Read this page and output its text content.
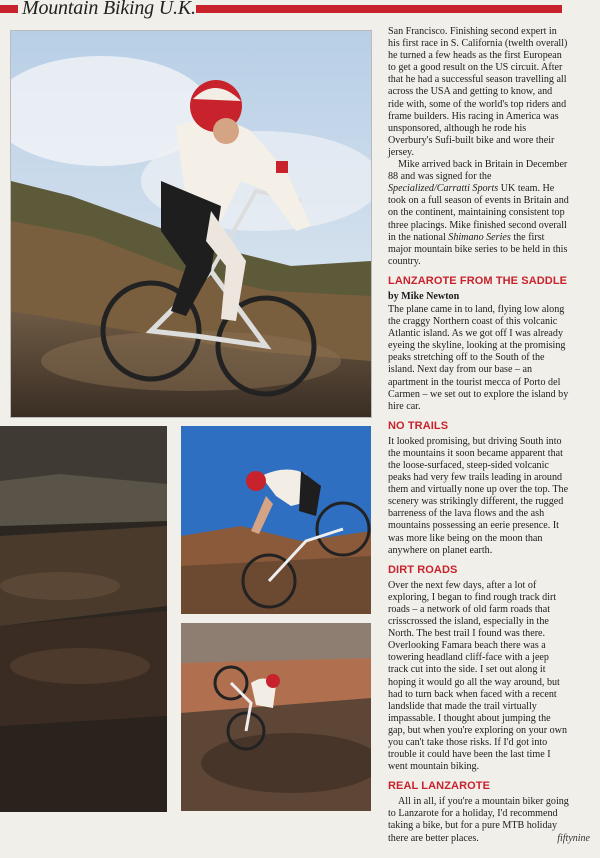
Mountain Biking U.K.

San Francisco. Finishing second expert in his first race in S. California (twelth overall) he turned a few heads as the first European to get a good result on the US circuit. After that he had a successful season travelling all across the USA and getting to know, and ride with, some of the world's top riders and frame builders. His racing in America was unsponsored, although he rode his Overbury's Sufi-built bike and wore their jersey.

Mike arrived back in Britain in December 88 and was signed for the Specialized/Carratti Sports UK team. He took on a full season of events in Britain and on the continent, maintaining consistent top three placings. Mike finished second overall in the national Shimano Series the first major mountain bike series to be held in this country.

LANZAROTE FROM THE SADDLE

by Mike Newton

The plane came in to land, flying low along the craggy Northern coast of this volcanic Atlantic island. As we got off I was already eyeing the skyline, looking at the promising peaks stretching off to the South of the island. Next day from our base – an apartment in the tourist mecca of Porto del Carmen – we set out to explore the island by hire car.

NO TRAILS

It looked promising, but driving South into the mountains it soon became apparent that the loose-surfaced, steep-sided volcanic peaks had very few trails leading in around them and virtually none up over the top. The scenery was strikingly different, the rugged barreness of the lava flows and the ash mountains possessing an eerie presence. It was more like being on the moon than anywhere on planet earth.

DIRT ROADS

Over the next few days, after a lot of exploring, I began to find rough track dirt roads – a network of old farm roads that crisscrossed the island, especially in the North. The best trail I found was there. Overlooking Famara beach there was a towering headland cliff-face with a jeep track cut into the side. I set out along it hoping it would go all the way around, but had to turn back when faced with a recent landslide that made the trail virtually impassable. I thought about jumping the gap, but when you're exploring on your own you can't take those risks. If I'd got into trouble it could have been the last time I went mountain biking.

REAL LANZAROTE

All in all, if you're a mountain biker going to Lanzarote for a holiday, I'd recommend taking a bike, but for a pure MTB holiday there are better places.	fiftynine
